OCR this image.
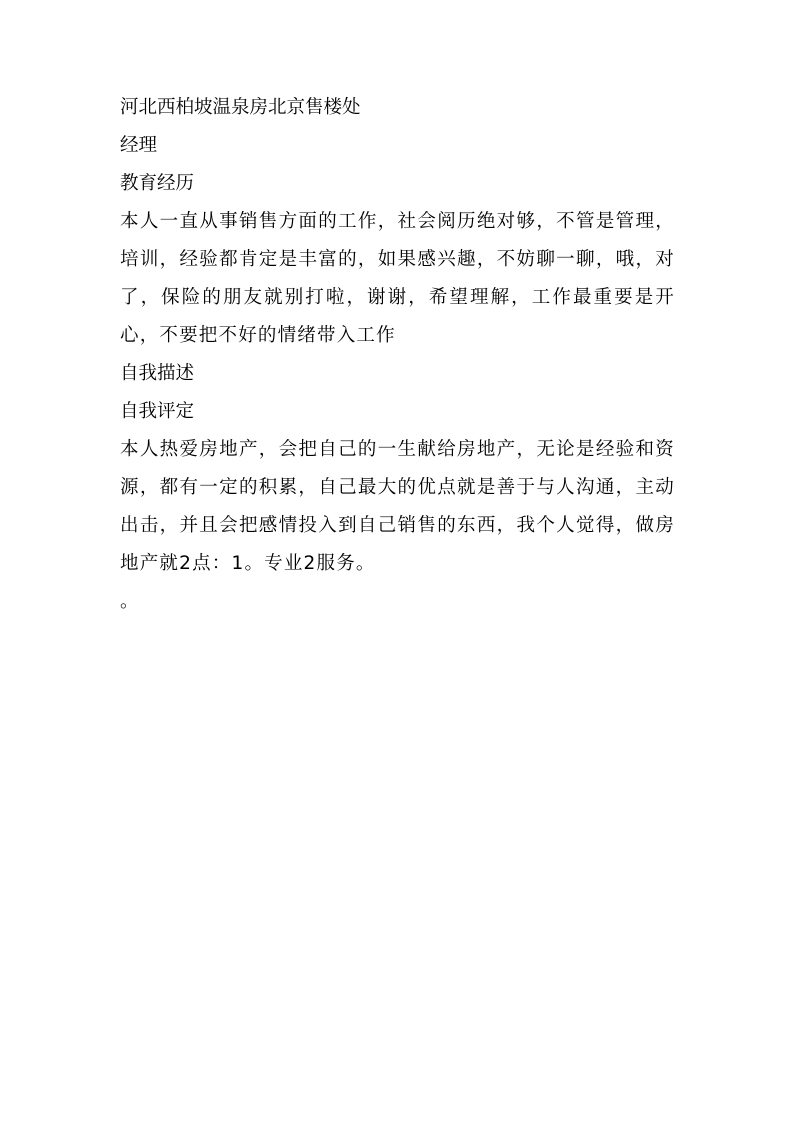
河北西柏坡温泉房北京售楼处
经理
教育经历
本人一直从事销售方面的工作，社会阅历绝对够，不管是管理，培训，经验都肯定是丰富的，如果感兴趣，不妨聊一聊，哦，对了，保险的朋友就别打啦，谢谢，希望理解，工作最重要是开心，不要把不好的情绪带入工作
自我描述
自我评定
本人热爱房地产，会把自己的一生献给房地产，无论是经验和资源，都有一定的积累，自己最大的优点就是善于与人沟通，主动出击，并且会把感情投入到自己销售的东西，我个人觉得，做房地产就2点：1。专业2服务。
。
